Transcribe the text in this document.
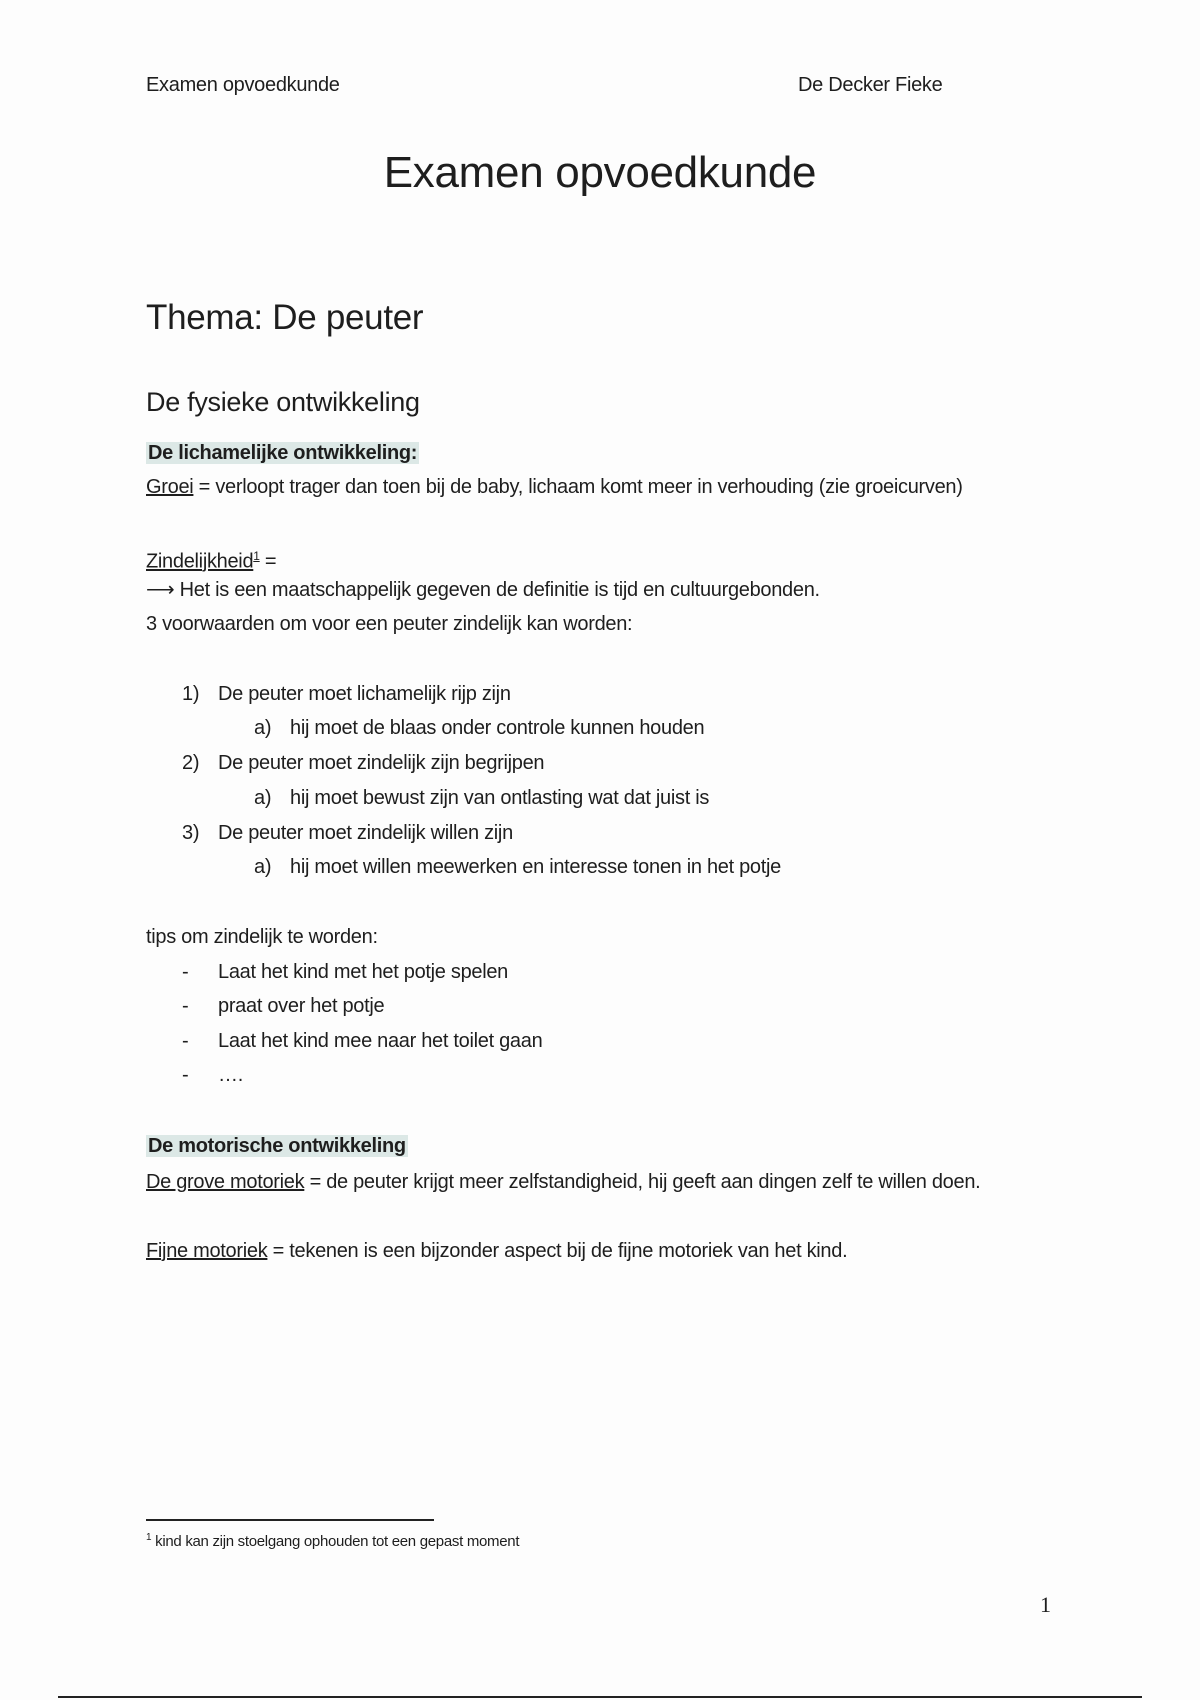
Examen opvoedkunde	De Decker Fieke
Examen opvoedkunde
Thema: De peuter
De fysieke ontwikkeling
De lichamelijke ontwikkeling:
Groei = verloopt trager dan toen bij de baby, lichaam komt meer in verhouding (zie groeicurven)
Zindelijkheid$^1$ =
⟶ Het is een maatschappelijk gegeven de definitie is tijd en cultuurgebonden.
3 voorwaarden om voor een peuter zindelijk kan worden:
1) De peuter moet lichamelijk rijp zijn
a) hij moet de blaas onder controle kunnen houden
2) De peuter moet zindelijk zijn begrijpen
a) hij moet bewust zijn van ontlasting wat dat juist is
3) De peuter moet zindelijk willen zijn
a) hij moet willen meewerken en interesse tonen in het potje
tips om zindelijk te worden:
- Laat het kind met het potje spelen
- praat over het potje
- Laat het kind mee naar het toilet gaan
- ….
De motorische ontwikkeling
De grove motoriek = de peuter krijgt meer zelfstandigheid, hij geeft aan dingen zelf te willen doen.
Fijne motoriek = tekenen is een bijzonder aspect bij de fijne motoriek van het kind.
$^1$ kind kan zijn stoelgang ophouden tot een gepast moment
1
